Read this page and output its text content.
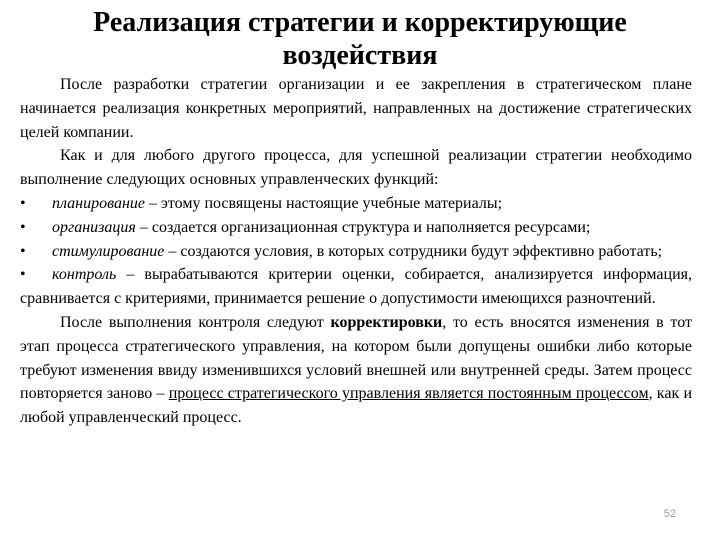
Реализация стратегии и корректирующие воздействия

После разработки стратегии организации и ее закрепления в стратегическом плане начинается реализация конкретных мероприятий, направленных на достижение стратегических целей компании.

Как и для любого другого процесса, для успешной реализации стратегии необходимо выполнение следующих основных управленческих функций:

• планирование – этому посвящены настоящие учебные материалы;

• организация – создается организационная структура и наполняется ресурсами;

• стимулирование – создаются условия, в которых сотрудники будут эффективно работать;

• контроль – вырабатываются критерии оценки, собирается, анализируется информация, сравнивается с критериями, принимается решение о допустимости имеющихся разночтений.

После выполнения контроля следуют корректировки, то есть вносятся изменения в тот этап процесса стратегического управления, на котором были допущены ошибки либо которые требуют изменения ввиду изменившихся условий внешней или внутренней среды. Затем процесс повторяется заново – процесс стратегического управления является постоянным процессом, как и любой управленческий процесс.

52
